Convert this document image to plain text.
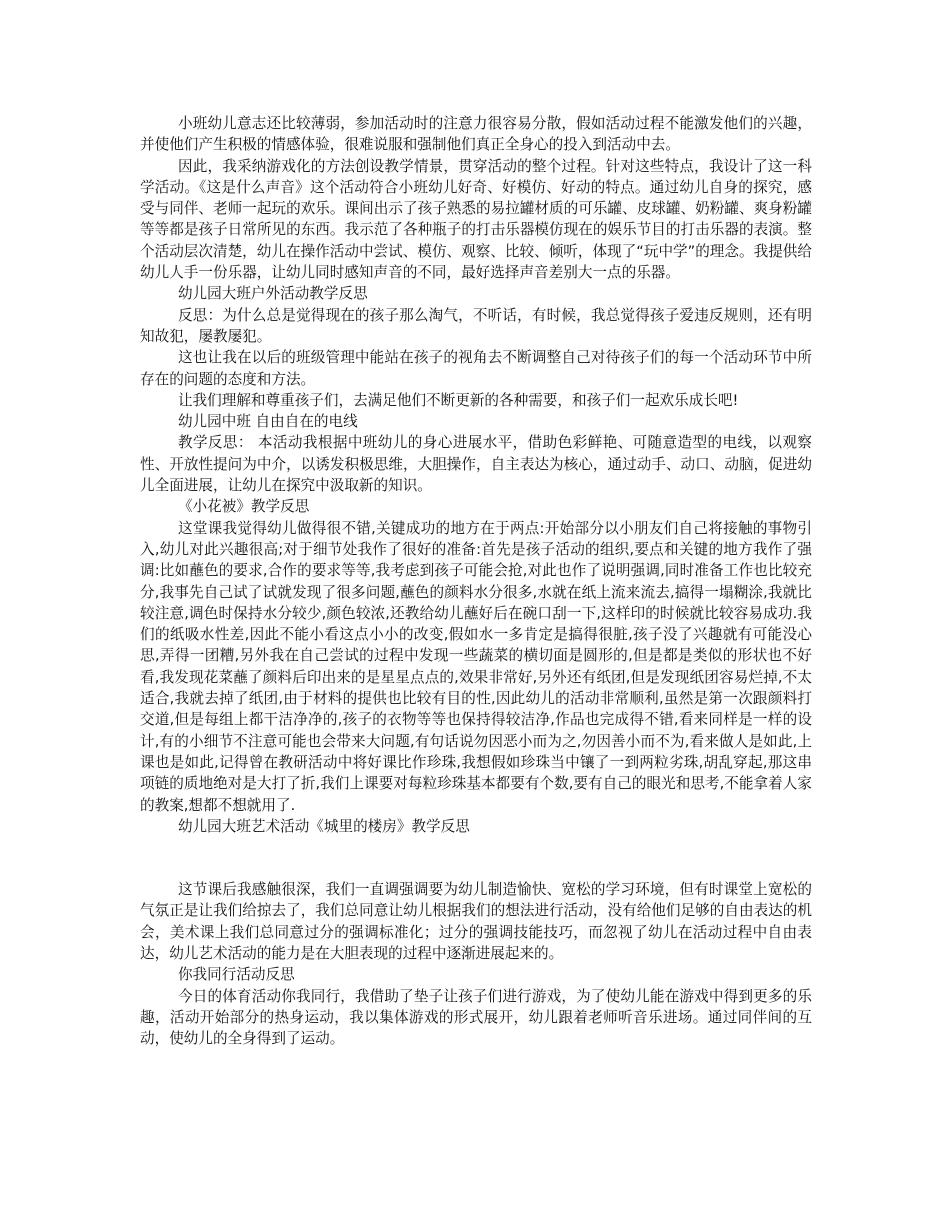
小班幼儿意志还比较薄弱，参加活动时的注意力很容易分散，假如活动过程不能激发他们的兴趣，并使他们产生积极的情感体验，很难说服和强制他们真正全身心的投入到活动中去。

因此，我采纳游戏化的方法创设教学情景，贯穿活动的整个过程。针对这些特点，我设计了这一科学活动。《这是什么声音》这个活动符合小班幼儿好奇、好模仿、好动的特点。通过幼儿自身的探究，感受与同伴、老师一起玩的欢乐。课间出示了孩子熟悉的易拉罐材质的可乐罐、皮球罐、奶粉罐、爽身粉罐等等都是孩子日常所见的东西。我示范了各种瓶子的打击乐器模仿现在的娱乐节目的打击乐器的表演。整个活动层次清楚，幼儿在操作活动中尝试、模仿、观察、比较、倾听，体现了“玩中学”的理念。我提供给幼儿人手一份乐器，让幼儿同时感知声音的不同，最好选择声音差别大一点的乐器。

幼儿园大班户外活动教学反思

反思：为什么总是觉得现在的孩子那么淘气，不听话，有时候，我总觉得孩子爱违反规则，还有明知故犯，屡教屡犯。

这也让我在以后的班级管理中能站在孩子的视角去不断调整自己对待孩子们的每一个活动环节中所存在的问题的态度和方法。

让我们理解和尊重孩子们，去满足他们不断更新的各种需要，和孩子们一起欢乐成长吧!

幼儿园中班 自由自在的电线

教学反思： 本活动我根据中班幼儿的身心进展水平，借助色彩鲜艳、可随意造型的电线，以观察性、开放性提问为中介，以诱发积极思维，大胆操作，自主表达为核心，通过动手、动口、动脑，促进幼儿全面进展，让幼儿在探究中汲取新的知识。

《小花被》教学反思

这堂课我觉得幼儿做得很不错,关键成功的地方在于两点:开始部分以小朋友们自己将接触的事物引入,幼儿对此兴趣很高;对于细节处我作了很好的准备:首先是孩子活动的组织,要点和关键的地方我作了强调:比如蘸色的要求,合作的要求等等,我考虑到孩子可能会抢,对此也作了说明强调,同时准备工作也比较充分,我事先自己试了试就发现了很多问题,蘸色的颜料水分很多,水就在纸上流来流去,搞得一塌糊涂,我就比较注意,调色时保持水分较少,颜色较浓,还教给幼儿蘸好后在碗口刮一下,这样印的时候就比较容易成功.我们的纸吸水性差,因此不能小看这点小小的改变,假如水一多肯定是搞得很脏,孩子没了兴趣就有可能没心思,弄得一团糟,另外我在自己尝试的过程中发现一些蔬菜的横切面是圆形的,但是都是类似的形状也不好看,我发现花菜蘸了颜料后印出来的是星星点点的,效果非常好,另外还有纸团,但是发现纸团容易烂掉,不太适合,我就去掉了纸团,由于材料的提供也比较有目的性,因此幼儿的活动非常顺利,虽然是第一次跟颜料打交道,但是每组上都干洁净净的,孩子的衣物等等也保持得较洁净,作品也完成得不错,看来同样是一样的设计,有的小细节不注意可能也会带来大问题,有句话说勿因恶小而为之,勿因善小而不为,看来做人是如此,上课也是如此,记得曾在教研活动中将好课比作珍珠,我想假如珍珠当中镶了一到两粒劣珠,胡乱穿起,那这串项链的质地绝对是大打了折,我们上课要对每粒珍珠基本都要有个数,要有自己的眼光和思考,不能拿着人家的教案,想都不想就用了.

幼儿园大班艺术活动《城里的楼房》教学反思

这节课后我感触很深，我们一直调强调要为幼儿制造愉快、宽松的学习环境，但有时课堂上宽松的气氛正是让我们给掠去了，我们总同意让幼儿根据我们的想法进行活动，没有给他们足够的自由表达的机会，美术课上我们总同意过分的强调标准化；过分的强调技能技巧，而忽视了幼儿在活动过程中自由表达，幼儿艺术活动的能力是在大胆表现的过程中逐渐进展起来的。

你我同行活动反思

今日的体育活动你我同行，我借助了垫子让孩子们进行游戏，为了使幼儿能在游戏中得到更多的乐趣，活动开始部分的热身运动，我以集体游戏的形式展开，幼儿跟着老师听音乐进场。通过同伴间的互动，使幼儿的全身得到了运动。
